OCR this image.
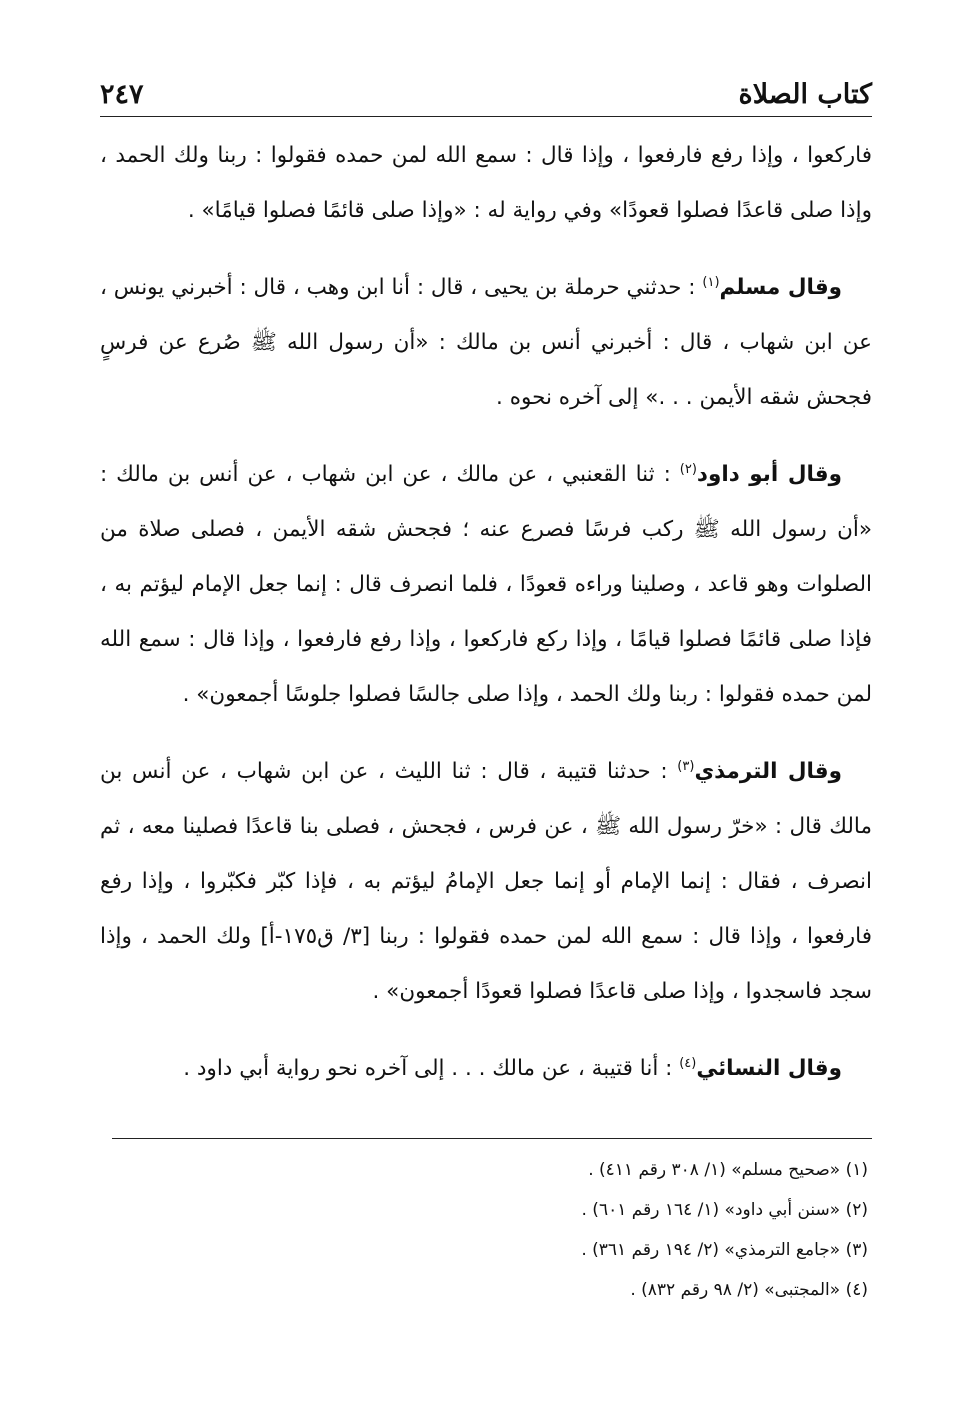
٢٤٧	كتاب الصلاة

فاركعوا ، وإذا رفع فارفعوا ، وإذا قال : سمع الله لمن حمده فقولوا : ربنا ولك الحمد ، وإذا صلى قاعدًا فصلوا قعودًا» وفي رواية له : «وإذا صلى قائمًا فصلوا قيامًا» .

وقال مسلم$^{(١)}$ : حدثني حرملة بن يحيى ، قال : أنا ابن وهب ، قال : أخبرني يونس ، عن ابن شهاب ، قال : أخبرني أنس بن مالك : «أن رسول الله ﷺ صُرع عن فرسٍ فجحش شقه الأيمن . . .» إلى آخره نحوه .

وقال أبو داود$^{(٢)}$ : ثنا القعنبي ، عن مالك ، عن ابن شهاب ، عن أنس بن مالك : «أن رسول الله ﷺ ركب فرسًا فصرع عنه ؛ فجحش شقه الأيمن ، فصلى صلاة من الصلوات وهو قاعد ، وصلينا وراءه قعودًا ، فلما انصرف قال : إنما جعل الإمام ليؤتم به ، فإذا صلى قائمًا فصلوا قيامًا ، وإذا ركع فاركعوا ، وإذا رفع فارفعوا ، وإذا قال : سمع الله لمن حمده فقولوا : ربنا ولك الحمد ، وإذا صلى جالسًا فصلوا جلوسًا أجمعون» .

وقال الترمذي$^{(٣)}$ : حدثنا قتيبة ، قال : ثنا الليث ، عن ابن شهاب ، عن أنس بن مالك قال : «خرّ رسول الله ﷺ ، عن فرس ، فجحش ، فصلى بنا قاعدًا فصلينا معه ، ثم انصرف ، فقال : إنما الإمام أو إنما جعل الإمامُ ليؤتم به ، فإذا كبّر فكبّروا ، وإذا رفع فارفعوا ، وإذا قال : سمع الله لمن حمده فقولوا : ربنا [٣/ ق١٧٥-أ] ولك الحمد ، وإذا سجد فاسجدوا ، وإذا صلى قاعدًا فصلوا قعودًا أجمعون» .

وقال النسائي$^{(٤)}$ : أنا قتيبة ، عن مالك . . . إلى آخره نحو رواية أبي داود .

(١) «صحيح مسلم» (١/ ٣٠٨ رقم ٤١١) .
(٢) «سنن أبي داود» (١/ ١٦٤ رقم ٦٠١) .
(٣) «جامع الترمذي» (٢/ ١٩٤ رقم ٣٦١) .
(٤) «المجتبى» (٢/ ٩٨ رقم ٨٣٢) .
